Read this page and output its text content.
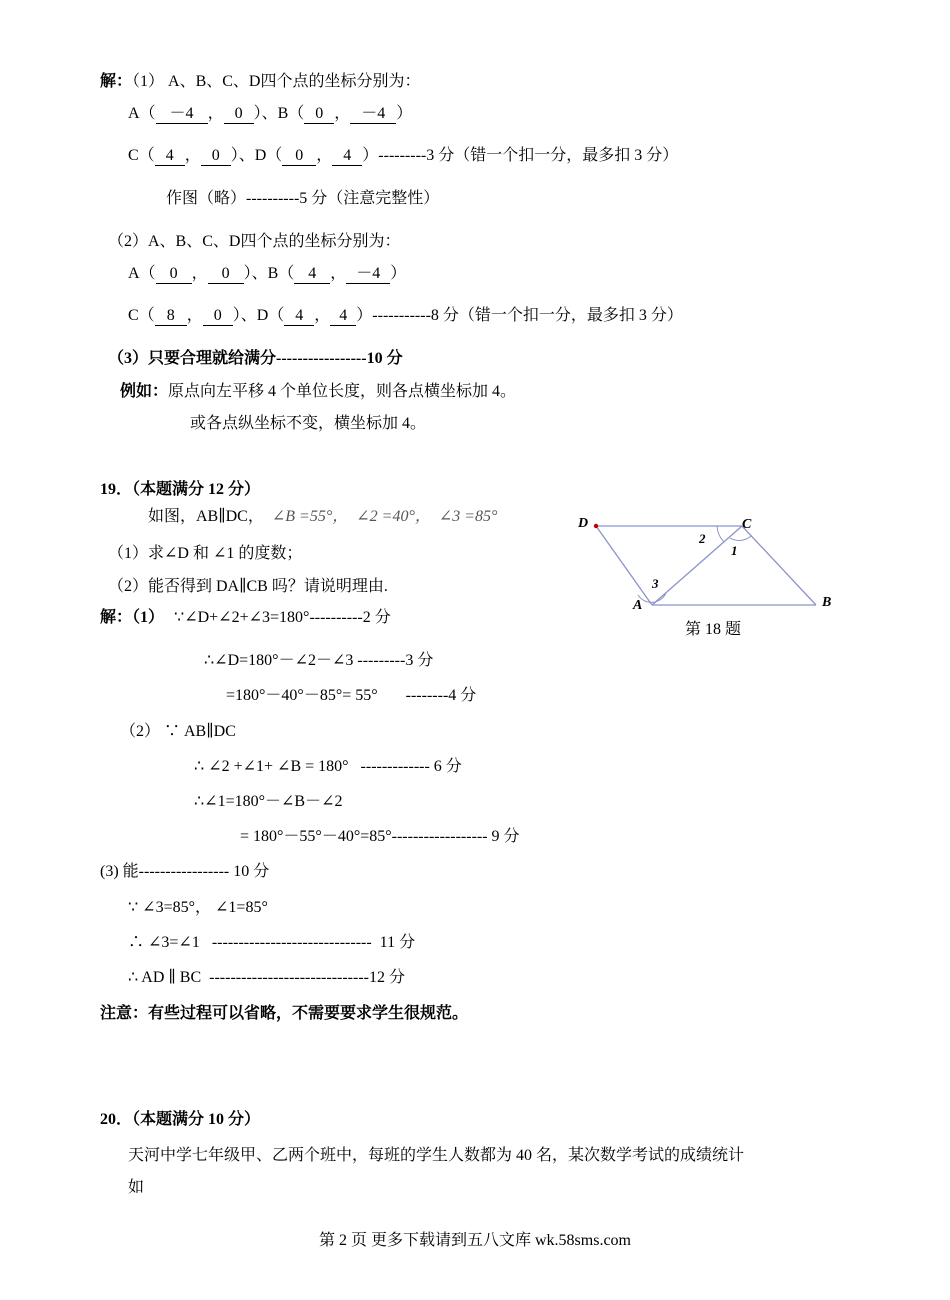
解：（1） A、B、C、D四个点的坐标分别为：
A（ －4 ， 0 ）、B（ 0 ， －4 ）
C（ 4 ， 0 ）、D（ 0 ， 4 ）---------3 分（错一个扣一分，最多扣 3 分）
作图（略）----------5 分（注意完整性）
（2）A、B、C、D四个点的坐标分别为：
A（ 0 ， 0 ）、B（ 4 ， －4 ）
C（ 8 ， 0 ）、D（ 4 ， 4 ）-----------8 分（错一个扣一分，最多扣 3 分）
（3）只要合理就给满分-----------------10 分
例如：原点向左平移 4 个单位长度，则各点横坐标加 4。
或各点纵坐标不变，横坐标加 4。
19．（本题满分 12 分）
如图，AB∥DC， ∠B =55°，  ∠2 =40°，  ∠3 =85°
（1）求∠D 和 ∠1 的度数；
（2）能否得到 DA∥CB 吗？请说明理由.
解：（1） ∵∠D+∠2+∠3=180°----------2 分
∴∠D=180°－∠2－∠3 ---------3 分
=180°－40°－85°= 55°       --------4 分
（2） ∵ AB∥DC
∴ ∠2 +∠1+ ∠B = 180°   ------------- 6 分
∴∠1=180°－∠B－∠2
= 180°－55°－40°=85°------------------ 9 分
(3) 能----------------- 10 分
∵ ∠3=85°， ∠1=85°
∴ ∠3=∠1   ------------------------------  11 分
∴ AD ∥ BC  ------------------------------12 分
注意：有些过程可以省略，不需要要求学生很规范。
D	C
A	B
2
1
3
第 18 题
20．（本题满分 10 分）
天河中学七年级甲、乙两个班中，每班的学生人数都为 40 名，某次数学考试的成绩统计
如
第 2 页 更多下载请到五八文库 wk.58sms.com
